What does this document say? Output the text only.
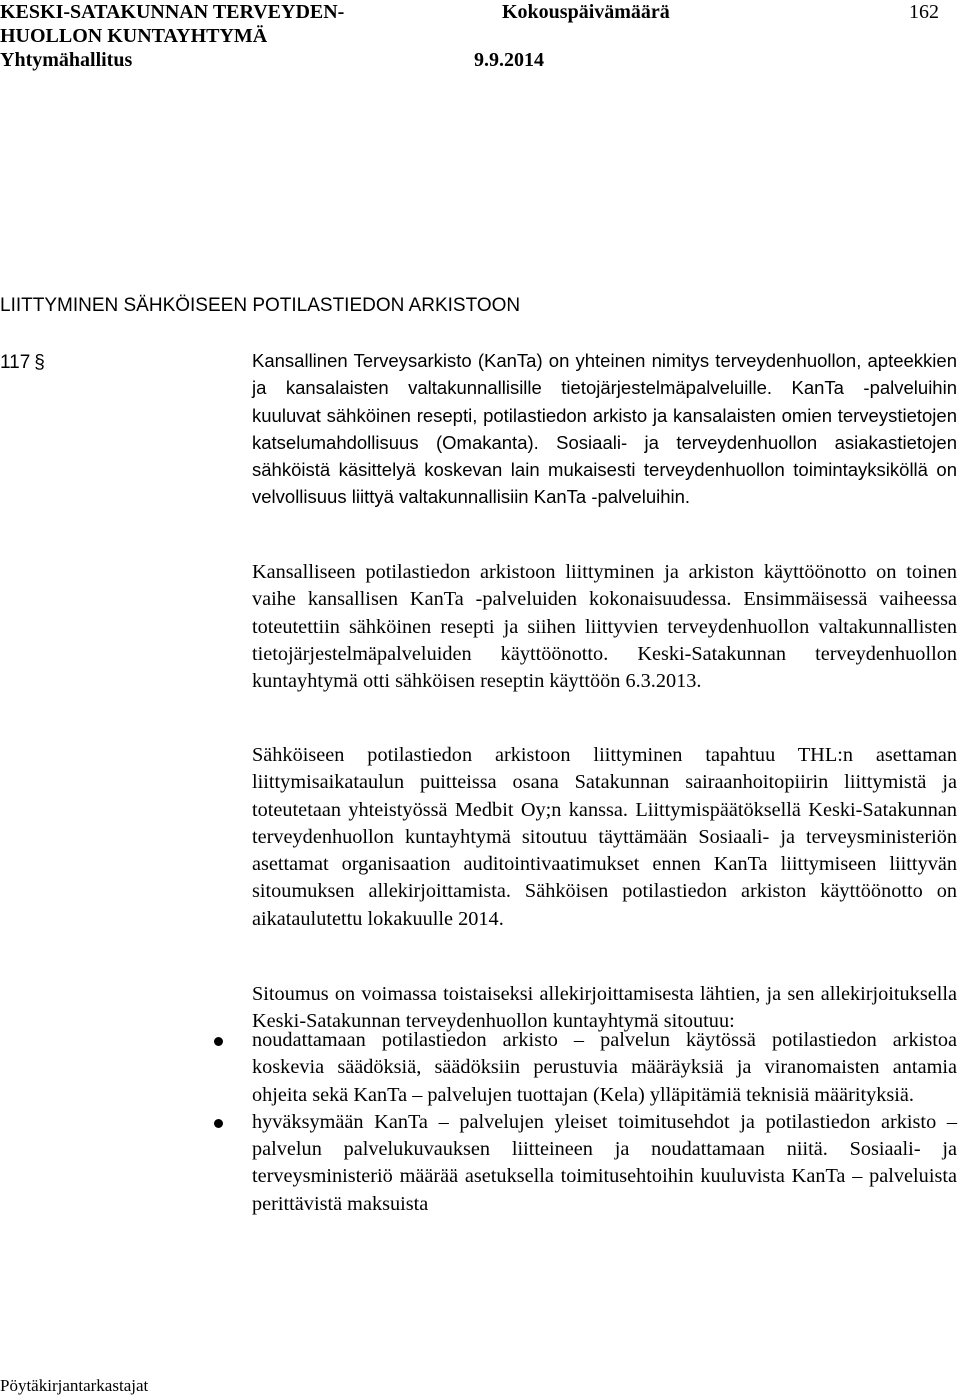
KESKI-SATAKUNNAN TERVEYDEN-	Kokouspäivämäärä	162
HUOLLON KUNTAYHTYMÄ
Yhtymähallitus	9.9.2014
LIITTYMINEN SÄHKÖISEEN POTILASTIEDON ARKISTOON
117 §	Kansallinen Terveysarkisto (KanTa) on yhteinen nimitys terveydenhuollon, apteekkien ja kansalaisten valtakunnallisille tietojärjestelmäpalveluille. KanTa -palveluihin kuuluvat sähköinen resepti, potilastiedon arkisto ja kansalaisten omien terveystietojen katselumahdollisuus (Omakanta). Sosiaali- ja terveydenhuollon asiakastietojen sähköistä käsittelyä koskevan lain mukaisesti terveydenhuollon toimintayksiköllä on velvollisuus liittyä valtakunnallisiin KanTa -palveluihin.

Kansalliseen potilastiedon arkistoon liittyminen ja arkiston käyttöönotto on toinen vaihe kansallisen KanTa -palveluiden kokonaisuudessa. Ensimmäisessä vaiheessa toteutettiin sähköinen resepti ja siihen liittyvien terveydenhuollon valtakunnallisten tietojärjestelmäpalveluiden käyttöönotto. Keski-Satakunnan terveydenhuollon kuntayhtymä otti sähköisen reseptin käyttöön 6.3.2013.

Sähköiseen potilastiedon arkistoon liittyminen tapahtuu THL:n asettaman liittymisaikataulun puitteissa osana Satakunnan sairaanhoitopiirin liittymistä ja toteutetaan yhteistyössä Medbit Oy;n kanssa. Liittymispäätöksellä Keski-Satakunnan terveydenhuollon kuntayhtymä sitoutuu täyttämään Sosiaali- ja terveysministeriön asettamat organisaation auditointivaatimukset ennen KanTa liittymiseen liittyvän sitoumuksen allekirjoittamista. Sähköisen potilastiedon arkiston käyttöönotto on aikataulutettu lokakuulle 2014.

Sitoumus on voimassa toistaiseksi allekirjoittamisesta lähtien, ja sen allekirjoituksella Keski-Satakunnan terveydenhuollon kuntayhtymä sitoutuu:

noudattamaan potilastiedon arkisto – palvelun käytössä potilastiedon arkistoa koskevia säädöksiä, säädöksiin perustuvia määräyksiä ja viranomaisten antamia ohjeita sekä KanTa – palvelujen tuottajan (Kela) ylläpitämiä teknisiä määrityksiä.
hyväksymään KanTa – palvelujen yleiset toimitusehdot ja potilastiedon arkisto – palvelun palvelukuvauksen liitteineen ja noudattamaan niitä. Sosiaali- ja terveysministeriö määrää asetuksella toimitusehtoihin kuuluvista KanTa – palveluista perittävistä maksuista
Pöytäkirjantarkastajat
